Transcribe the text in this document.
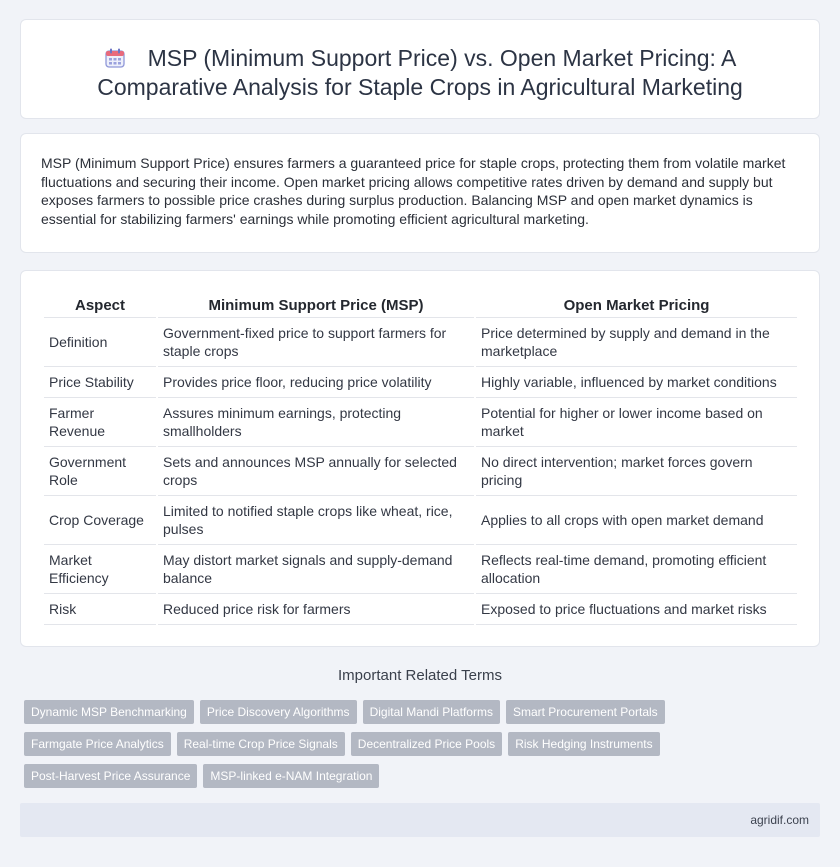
MSP (Minimum Support Price) vs. Open Market Pricing: A Comparative Analysis for Staple Crops in Agricultural Marketing

MSP (Minimum Support Price) ensures farmers a guaranteed price for staple crops, protecting them from volatile market fluctuations and securing their income. Open market pricing allows competitive rates driven by demand and supply but exposes farmers to possible price crashes during surplus production. Balancing MSP and open market dynamics is essential for stabilizing farmers' earnings while promoting efficient agricultural marketing.

Aspect	Minimum Support Price (MSP)	Open Market Pricing
Definition	Government-fixed price to support farmers for staple crops	Price determined by supply and demand in the marketplace
Price Stability	Provides price floor, reducing price volatility	Highly variable, influenced by market conditions
Farmer Revenue	Assures minimum earnings, protecting smallholders	Potential for higher or lower income based on market
Government Role	Sets and announces MSP annually for selected crops	No direct intervention; market forces govern pricing
Crop Coverage	Limited to notified staple crops like wheat, rice, pulses	Applies to all crops with open market demand
Market Efficiency	May distort market signals and supply-demand balance	Reflects real-time demand, promoting efficient allocation
Risk	Reduced price risk for farmers	Exposed to price fluctuations and market risks
Important Related Terms
Dynamic MSP Benchmarking	Price Discovery Algorithms	Digital Mandi Platforms	Smart Procurement Portals
Farmgate Price Analytics	Real-time Crop Price Signals	Decentralized Price Pools	Risk Hedging Instruments
Post-Harvest Price Assurance	MSP-linked e-NAM Integration
agridif.com
